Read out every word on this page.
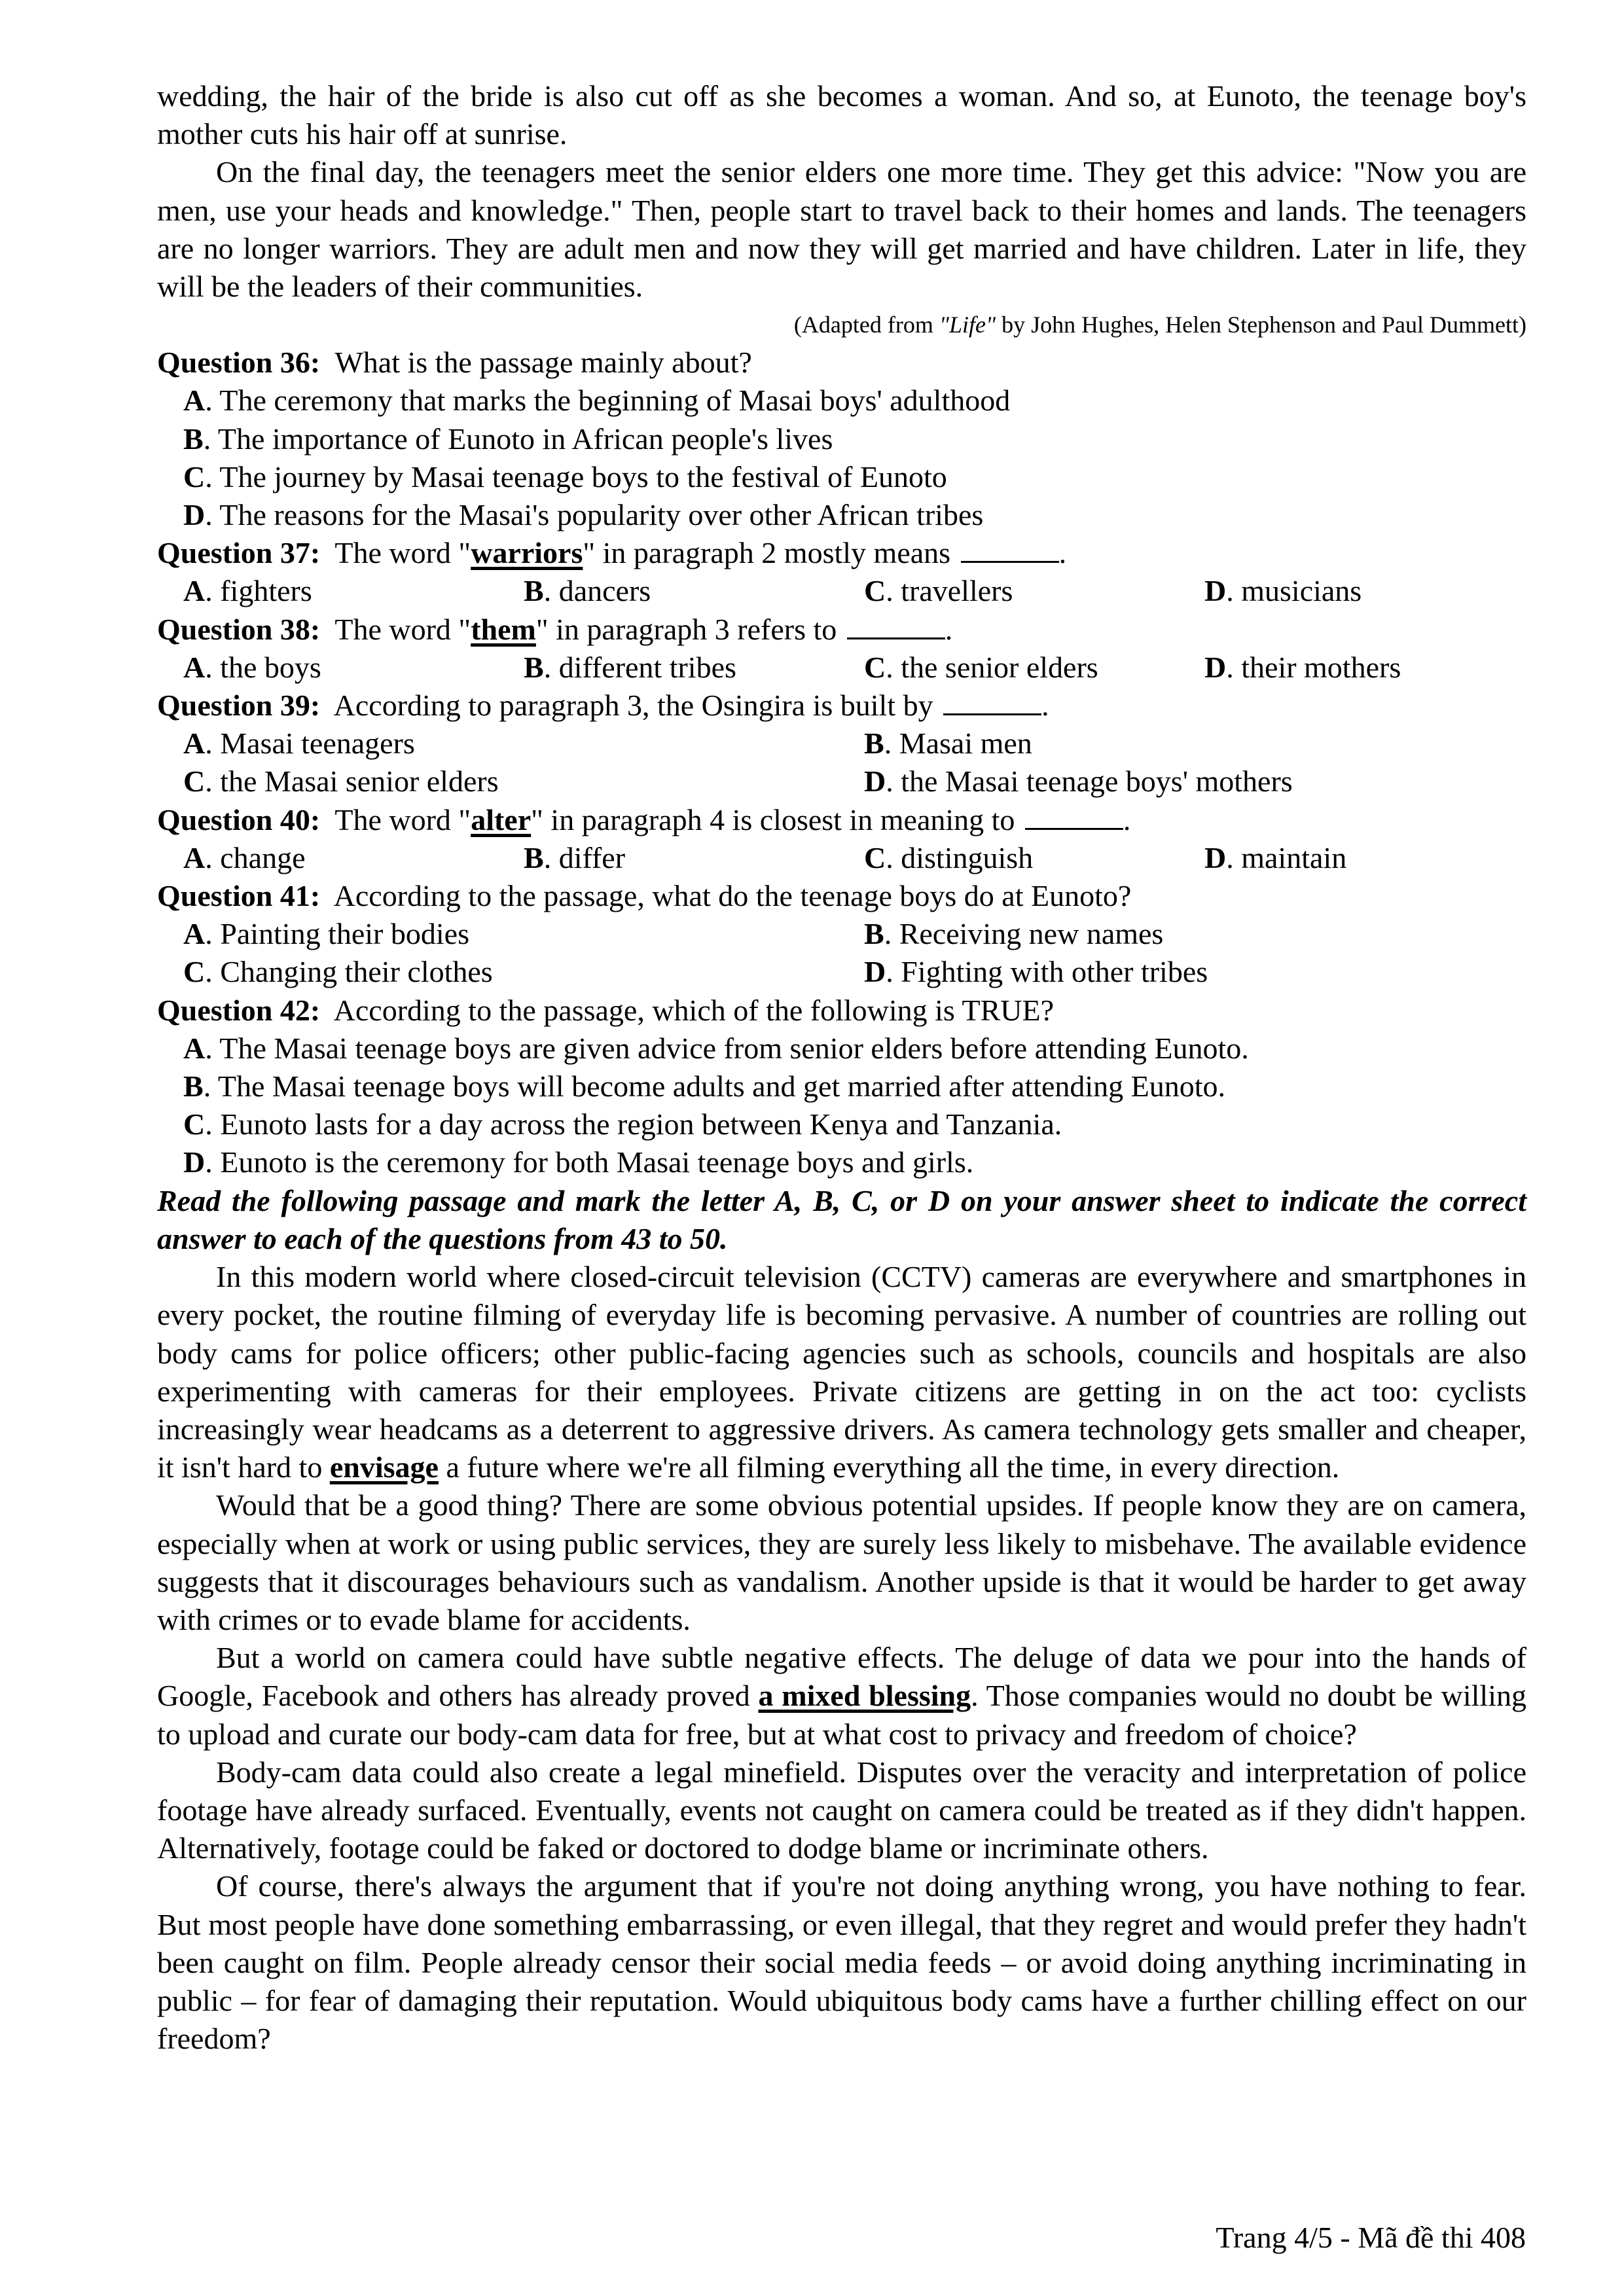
wedding, the hair of the bride is also cut off as she becomes a woman. And so, at Eunoto, the teenage boy's mother cuts his hair off at sunrise.

On the final day, the teenagers meet the senior elders one more time. They get this advice: "Now you are men, use your heads and knowledge." Then, people start to travel back to their homes and lands. The teenagers are no longer warriors. They are adult men and now they will get married and have children. Later in life, they will be the leaders of their communities.

(Adapted from "Life" by John Hughes, Helen Stephenson and Paul Dummett)

Question 36: What is the passage mainly about?

A. The ceremony that marks the beginning of Masai boys' adulthood
B. The importance of Eunoto in African people's lives
C. The journey by Masai teenage boys to the festival of Eunoto
D. The reasons for the Masai's popularity over other African tribes

Question 37: The word "warriors" in paragraph 2 mostly means	.

A. fighters	B. dancers	C. travellers	D. musicians

Question 38: The word "them" in paragraph 3 refers to	.

A. the boys	B. different tribes	C. the senior elders	D. their mothers

Question 39: According to paragraph 3, the Osingira is built by	.

A. Masai teenagers	B. Masai men
C. the Masai senior elders	D. the Masai teenage boys' mothers

Question 40: The word "alter" in paragraph 4 is closest in meaning to	.

A. change	B. differ	C. distinguish	D. maintain

Question 41: According to the passage, what do the teenage boys do at Eunoto?

A. Painting their bodies	B. Receiving new names
C. Changing their clothes	D. Fighting with other tribes

Question 42: According to the passage, which of the following is TRUE?

A. The Masai teenage boys are given advice from senior elders before attending Eunoto.
B. The Masai teenage boys will become adults and get married after attending Eunoto.
C. Eunoto lasts for a day across the region between Kenya and Tanzania.
D. Eunoto is the ceremony for both Masai teenage boys and girls.

Read the following passage and mark the letter A, B, C, or D on your answer sheet to indicate the correct answer to each of the questions from 43 to 50.

In this modern world where closed-circuit television (CCTV) cameras are everywhere and smartphones in every pocket, the routine filming of everyday life is becoming pervasive. A number of countries are rolling out body cams for police officers; other public-facing agencies such as schools, councils and hospitals are also experimenting with cameras for their employees. Private citizens are getting in on the act too: cyclists increasingly wear headcams as a deterrent to aggressive drivers. As camera technology gets smaller and cheaper, it isn't hard to envisage a future where we're all filming everything all the time, in every direction.

Would that be a good thing? There are some obvious potential upsides. If people know they are on camera, especially when at work or using public services, they are surely less likely to misbehave. The available evidence suggests that it discourages behaviours such as vandalism. Another upside is that it would be harder to get away with crimes or to evade blame for accidents.

But a world on camera could have subtle negative effects. The deluge of data we pour into the hands of Google, Facebook and others has already proved a mixed blessing. Those companies would no doubt be willing to upload and curate our body-cam data for free, but at what cost to privacy and freedom of choice?

Body-cam data could also create a legal minefield. Disputes over the veracity and interpretation of police footage have already surfaced. Eventually, events not caught on camera could be treated as if they didn't happen. Alternatively, footage could be faked or doctored to dodge blame or incriminate others.

Of course, there's always the argument that if you're not doing anything wrong, you have nothing to fear. But most people have done something embarrassing, or even illegal, that they regret and would prefer they hadn't been caught on film. People already censor their social media feeds – or avoid doing anything incriminating in public – for fear of damaging their reputation. Would ubiquitous body cams have a further chilling effect on our freedom?

Trang 4/5 - Mã đề thi 408
